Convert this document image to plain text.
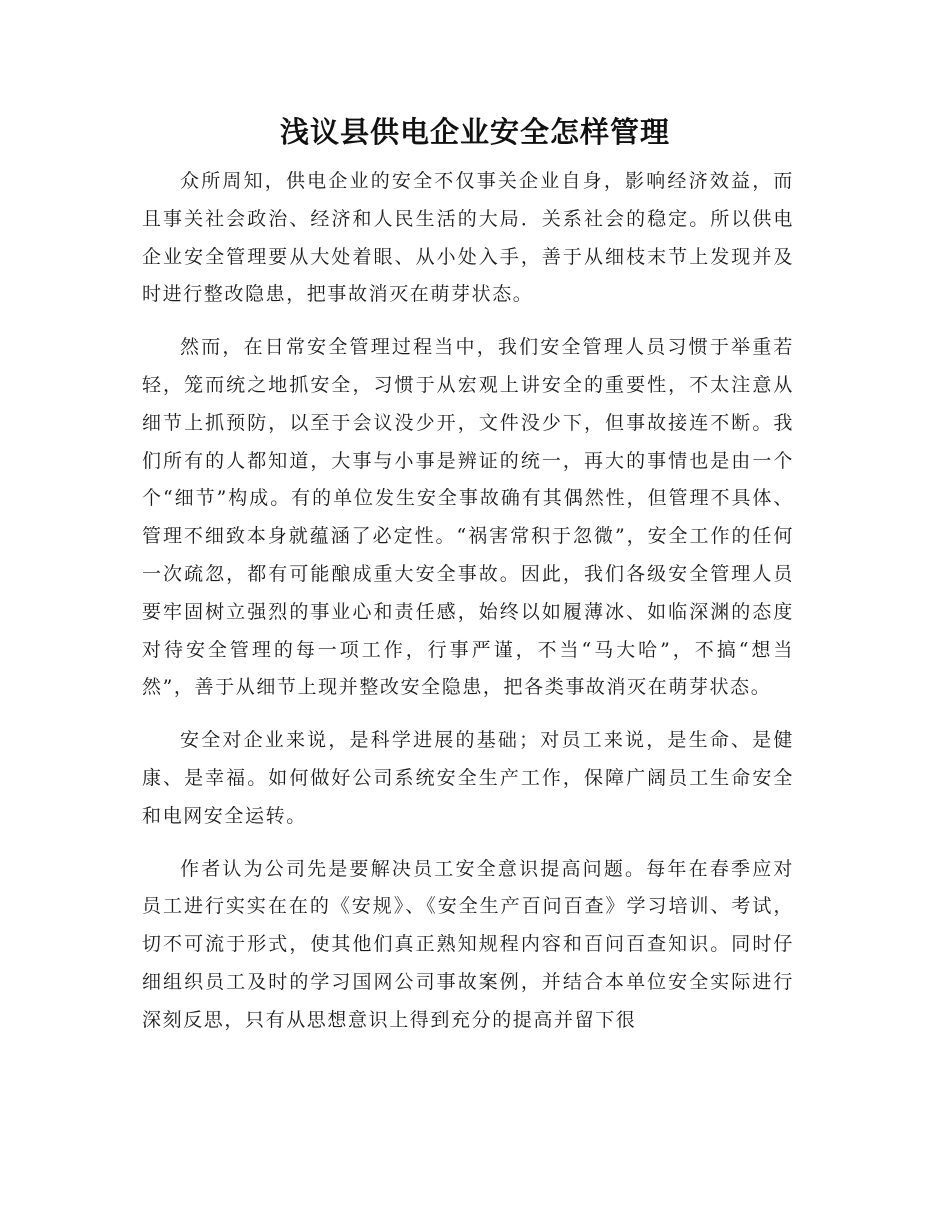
浅议县供电企业安全怎样管理

众所周知，供电企业的安全不仅事关企业自身，影响经济效益，而且事关社会政治、经济和人民生活的大局．关系社会的稳定。所以供电企业安全管理要从大处着眼、从小处入手，善于从细枝末节上发现并及时进行整改隐患，把事故消灭在萌芽状态。

然而，在日常安全管理过程当中，我们安全管理人员习惯于举重若轻，笼而统之地抓安全，习惯于从宏观上讲安全的重要性，不太注意从细节上抓预防，以至于会议没少开，文件没少下，但事故接连不断。我们所有的人都知道，大事与小事是辨证的统一，再大的事情也是由一个个“细节”构成。有的单位发生安全事故确有其偶然性，但管理不具体、管理不细致本身就蕴涵了必定性。“祸害常积于忽微”，安全工作的任何一次疏忽，都有可能酿成重大安全事故。因此，我们各级安全管理人员要牢固树立强烈的事业心和责任感，始终以如履薄冰、如临深渊的态度对待安全管理的每一项工作，行事严谨，不当“马大哈”，不搞“想当然”，善于从细节上现并整改安全隐患，把各类事故消灭在萌芽状态。

安全对企业来说，是科学进展的基础；对员工来说，是生命、是健康、是幸福。如何做好公司系统安全生产工作，保障广阔员工生命安全和电网安全运转。

作者认为公司先是要解决员工安全意识提高问题。每年在春季应对员工进行实实在在的《安规》、《安全生产百问百查》学习培训、考试，切不可流于形式，使其他们真正熟知规程内容和百问百查知识。同时仔细组织员工及时的学习国网公司事故案例，并结合本单位安全实际进行深刻反思，只有从思想意识上得到充分的提高并留下很
